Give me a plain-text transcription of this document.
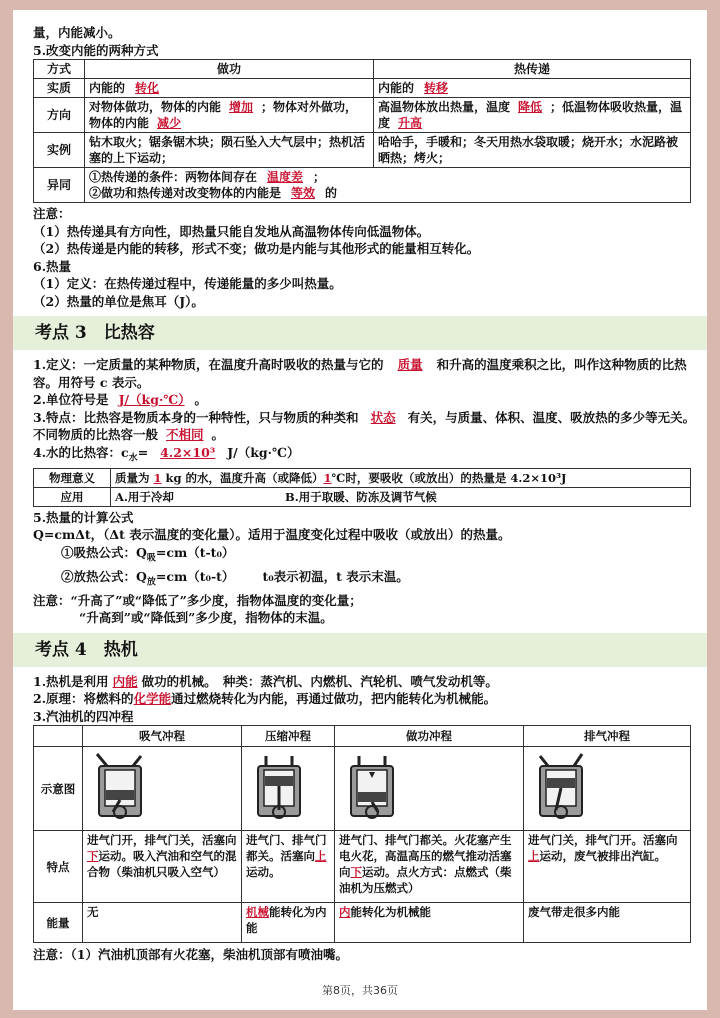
量，内能减小。
5.改变内能的两种方式
方式	做功	热传递
实质	内能的 转化	内能的 转移
方向	对物体做功，物体的内能 增加 ；物体对外做功，物体的内能 减少	高温物体放出热量，温度 降低 ；低温物体吸收热量，温度 升高
实例	钻木取火；锯条锯木块；陨石坠入大气层中；热机活塞的上下运动；	哈哈手，手暖和；冬天用热水袋取暖；烧开水；水泥路被晒热；烤火；
异同	①热传递的条件：两物体间存在 温度差 ；
②做功和热传递对改变物体的内能是 等效 的	
注意：
（1）热传递具有方向性，即热量只能自发地从高温物体传向低温物体。
（2）热传递是内能的转移，形式不变；做功是内能与其他形式的能量相互转化。
6.热量
（1）定义：在热传递过程中，传递能量的多少叫热量。
（2）热量的单位是焦耳（J）。
考点 3　比热容
1.定义：一定质量的某种物质，在温度升高时吸收的热量与它的 质量 和升高的温度乘积之比，叫作这种物质的比热容。用符号 c 表示。
2.单位符号是 J/（kg·℃） 。
3.特点：比热容是物质本身的一种特性，只与物质的种类和 状态 有关，与质量、体积、温度、吸放热的多少等无关。　不同物质的比热容一般 不相同 。
4.水的比热容：$c_水= 4.2\times 10^3$ J/（kg·℃）
物理意义	质量为 1 kg 的水，温度升高（或降低）1℃时，要吸收（或放出）的热量是 4.2×10³J
应用	A.用于冷却 B.用于取暖、防冻及调节气候
5.热量的计算公式
Q=cmΔt，（Δt 表示温度的变化量）。适用于温度变化过程中吸收（或放出）的热量。
①吸热公式：$Q_吸=cm(t-t_0)$
②放热公式：$Q_放=cm(t_0-t)$ t₀表示初温，t 表示末温。
注意：“升高了”或“降低了”多少度，指物体温度的变化量；
“升高到”或“降低到”多少度，指物体的末温。
考点 4　热机
1.热机是利用 内能 做功的机械。　种类：蒸汽机、内燃机、汽轮机、喷气发动机等。
2.原理：将燃料的化学能通过燃烧转化为内能，再通过做功，把内能转化为机械能。
3.汽油机的四冲程
	吸气冲程	压缩冲程	做功冲程	排气冲程
示意图	

特点	进气门开，排气门关，活塞向下运动。吸入汽油和空气的混合物（柴油机只吸入空气）	进气门、排气门都关。活塞向上运动。	进气门、排气门都关。火花塞产生电火花，高温高压的燃气推动活塞向下运动。点火方式：点燃式（柴油机为压燃式）	进气门关，排气门开。活塞向上运动，废气被排出汽缸。
能量	无	机械能转化为内能	内能转化为机械能	废气带走很多内能
注意：（1）汽油机顶部有火花塞，柴油机顶部有喷油嘴。
第8页，共36页
